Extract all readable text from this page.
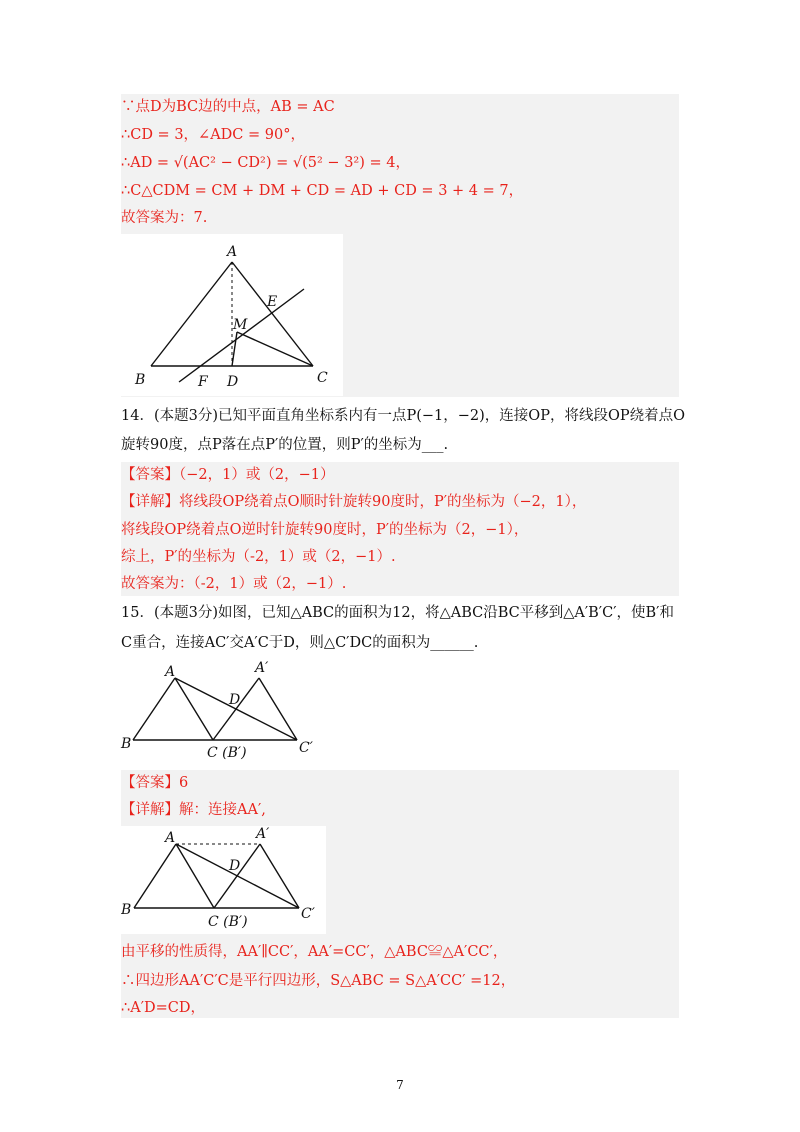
∵点D为BC边的中点，AB = AC
∴CD = 3，∠ADC = 90°，
∴AD = √(AC² − CD²) = √(5² − 3²) = 4，
∴C△CDM = CM + DM + CD = AD + CD = 3 + 4 = 7，
故答案为：7.
A
B	C
D
E
F
M
14．(本题3分)已知平面直角坐标系内有一点P(−1，−2)，连接OP，将线段OP绕着点O
旋转90度，点P落在点P′的位置，则P′的坐标为___.
【答案】（−2，1）或（2，−1）
【详解】将线段OP绕着点O顺时针旋转90度时，P′的坐标为（−2，1），
将线段OP绕着点O逆时针旋转90度时，P′的坐标为（2，−1），
综上，P′的坐标为（-2，1）或（2，−1）.
故答案为：（-2，1）或（2，−1）.
15．(本题3分)如图，已知△ABC的面积为12，将△ABC沿BC平移到△A′B′C′，使B′和
C重合，连接AC′交A′C于D，则△C′DC的面积为______.
A	A′
B
C (B′)	C′
D
【答案】6
【详解】解：连接AA′,
A	A′
B
C (B′)	C′
D
由平移的性质得，AA′∥CC′，AA′=CC′，△ABC≌△A′CC′，
∴四边形AA′C′C是平行四边形，S△ABC = S△A′CC′ =12，
∴A′D=CD，
7
